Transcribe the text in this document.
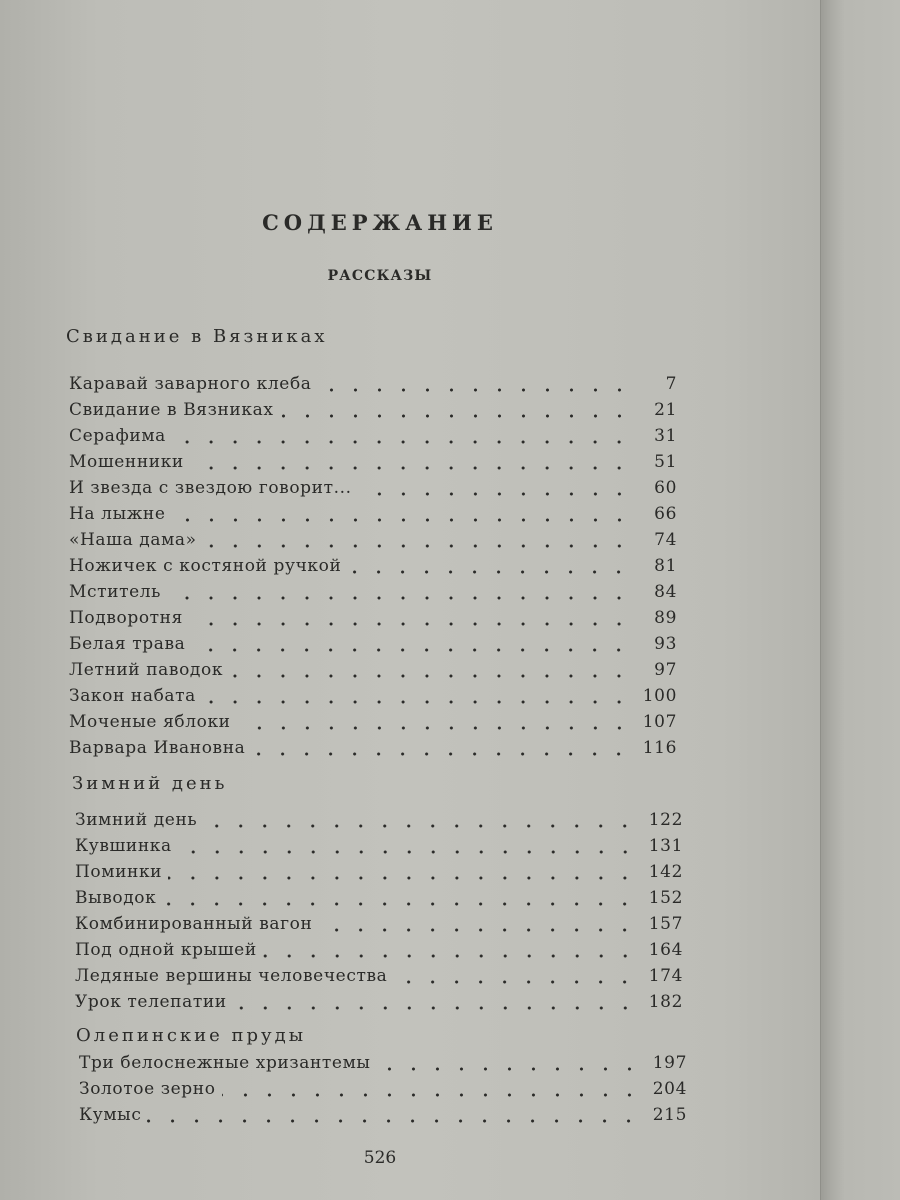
СОДЕРЖАНИЕ
РАССКАЗЫ
Свидание в Вязниках
Каравай заварного клеба	7
Свидание в Вязниках	21
Серафима	31
Мошенники	51
И звезда с звездою говорит...	60
На лыжне	66
«Наша дама»	74
Ножичек с костяной ручкой	81
Мститель	84
Подворотня	89
Белая трава	93
Летний паводок	97
Закон набата	100
Моченые яблоки	107
Варвара Ивановна	116
Зимний день
Зимний день	122
Кувшинка	131
Поминки	142
Выводок	152
Комбинированный вагон	157
Под одной крышей	164
Ледяные вершины человечества	174
Урок телепатии	182
Олепинские пруды
Три белоснежные хризантемы	197
Золотое зерно	204
Кумыс	215
526
